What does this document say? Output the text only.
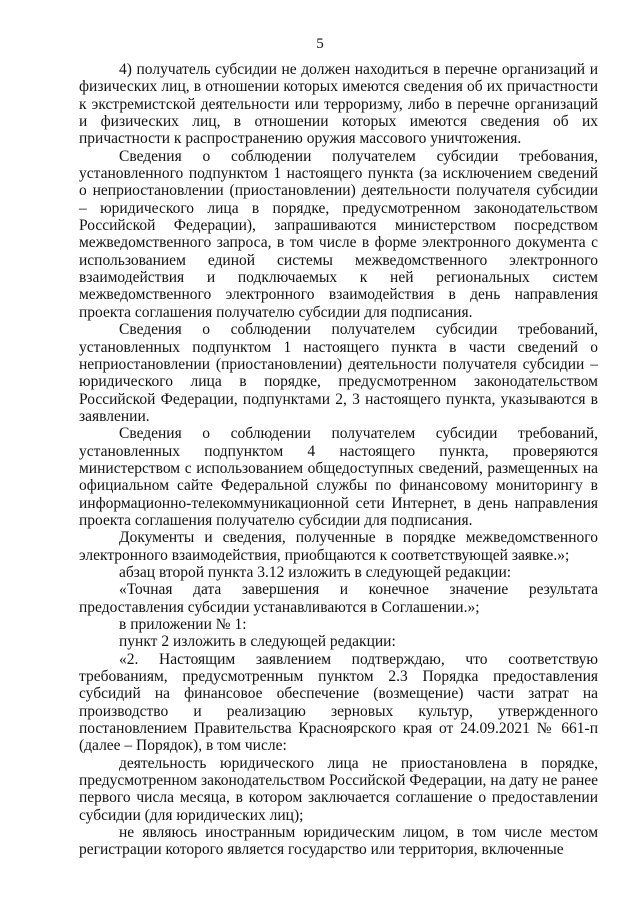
5

4) получатель субсидии не должен находиться в перечне организаций и физических лиц, в отношении которых имеются сведения об их причастности к экстремистской деятельности или терроризму, либо в перечне организаций и физических лиц, в отношении которых имеются сведения об их причастности к распространению оружия массового уничтожения.

Сведения о соблюдении получателем субсидии требования, установленного подпунктом 1 настоящего пункта (за исключением сведений о неприостановлении (приостановлении) деятельности получателя субсидии – юридического лица в порядке, предусмотренном законодательством Российской Федерации), запрашиваются министерством посредством межведомственного запроса, в том числе в форме электронного документа с использованием единой системы межведомственного электронного взаимодействия и подключаемых к ней региональных систем межведомственного электронного взаимодействия в день направления проекта соглашения получателю субсидии для подписания.

Сведения о соблюдении получателем субсидии требований, установленных подпунктом 1 настоящего пункта в части сведений о неприостановлении (приостановлении) деятельности получателя субсидии – юридического лица в порядке, предусмотренном законодательством Российской Федерации, подпунктами 2, 3 настоящего пункта, указываются в заявлении.

Сведения о соблюдении получателем субсидии требований, установленных подпунктом 4 настоящего пункта, проверяются министерством с использованием общедоступных сведений, размещенных на официальном сайте Федеральной службы по финансовому мониторингу в информационно-телекоммуникационной сети Интернет, в день направления проекта соглашения получателю субсидии для подписания.

Документы и сведения, полученные в порядке межведомственного электронного взаимодействия, приобщаются к соответствующей заявке.»;

абзац второй пункта 3.12 изложить в следующей редакции:

«Точная дата завершения и конечное значение результата предоставления субсидии устанавливаются в Соглашении.»;

в приложении № 1:

пункт 2 изложить в следующей редакции:

«2. Настоящим заявлением подтверждаю, что соответствую требованиям, предусмотренным пунктом 2.3 Порядка предоставления субсидий на финансовое обеспечение (возмещение) части затрат на производство и реализацию зерновых культур, утвержденного постановлением Правительства Красноярского края от 24.09.2021 № 661-п (далее – Порядок), в том числе:

деятельность юридического лица не приостановлена в порядке, предусмотренном законодательством Российской Федерации, на дату не ранее первого числа месяца, в котором заключается соглашение о предоставлении субсидии (для юридических лиц);

не являюсь иностранным юридическим лицом, в том числе местом регистрации которого является государство или территория, включенные
